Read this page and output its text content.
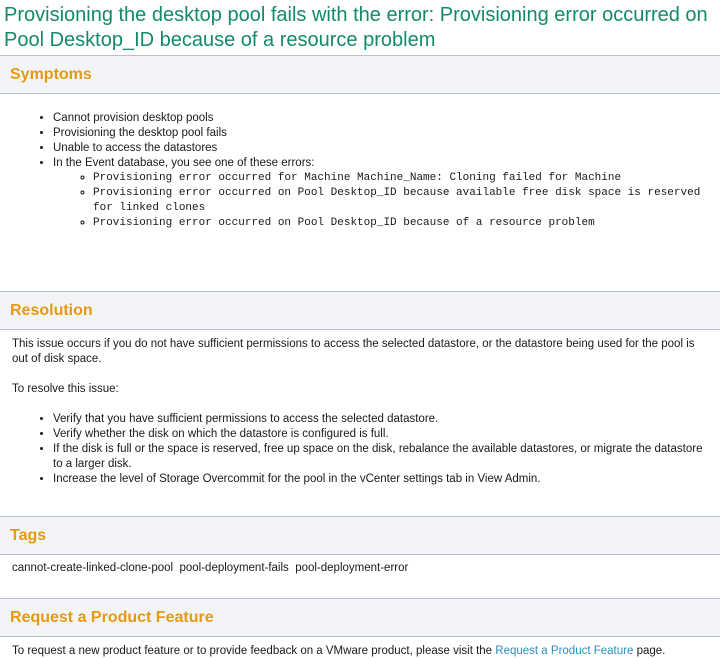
Provisioning the desktop pool fails with the error: Provisioning error occurred on Pool Desktop_ID because of a resource problem
Symptoms
• Cannot provision desktop pools
• Provisioning the desktop pool fails
• Unable to access the datastores
• In the Event database, you see one of these errors:
◦ Provisioning error occurred for Machine Machine_Name: Cloning failed for Machine
◦ Provisioning error occurred on Pool Desktop_ID because available free disk space is reserved for linked clones
◦ Provisioning error occurred on Pool Desktop_ID because of a resource problem
Resolution

This issue occurs if you do not have sufficient permissions to access the selected datastore, or the datastore being used for the pool is out of disk space.

To resolve this issue:

• Verify that you have sufficient permissions to access the selected datastore.
• Verify whether the disk on which the datastore is configured is full.
• If the disk is full or the space is reserved, free up space on the disk, rebalance the available datastores, or migrate the datastore to a larger disk.
• Increase the level of Storage Overcommit for the pool in the vCenter settings tab in View Admin.
Tags
cannot-create-linked-clone-pool pool-deployment-fails pool-deployment-error
Request a Product Feature
To request a new product feature or to provide feedback on a VMware product, please visit the Request a Product Feature page.
